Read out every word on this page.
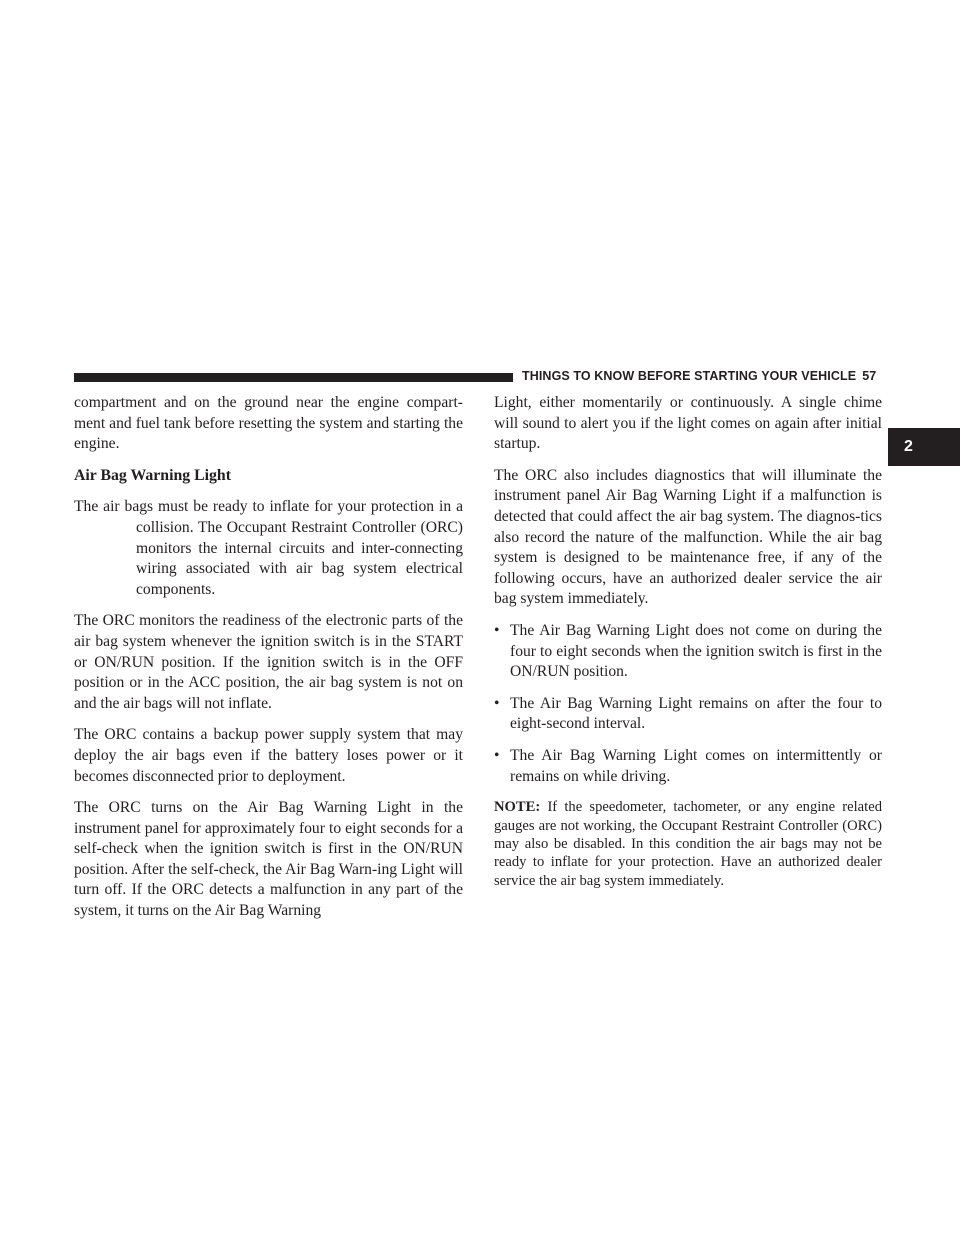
THINGS TO KNOW BEFORE STARTING YOUR VEHICLE 57
2

compartment and on the ground near the engine compart-ment and fuel tank before resetting the system and starting the engine.

Air Bag Warning Light

The air bags must be ready to inflate for your protection in a collision. The Occupant Restraint Controller (ORC) monitors the internal circuits and inter-connecting wiring associated with air bag system electrical components.

The ORC monitors the readiness of the electronic parts of the air bag system whenever the ignition switch is in the START or ON/RUN position. If the ignition switch is in the OFF position or in the ACC position, the air bag system is not on and the air bags will not inflate.

The ORC contains a backup power supply system that may deploy the air bags even if the battery loses power or it becomes disconnected prior to deployment.

The ORC turns on the Air Bag Warning Light in the instrument panel for approximately four to eight seconds for a self-check when the ignition switch is first in the ON/RUN position. After the self-check, the Air Bag Warn-ing Light will turn off. If the ORC detects a malfunction in any part of the system, it turns on the Air Bag Warning

Light, either momentarily or continuously. A single chime will sound to alert you if the light comes on again after initial startup.

The ORC also includes diagnostics that will illuminate the instrument panel Air Bag Warning Light if a malfunction is detected that could affect the air bag system. The diagnos-tics also record the nature of the malfunction. While the air bag system is designed to be maintenance free, if any of the following occurs, have an authorized dealer service the air bag system immediately.

• The Air Bag Warning Light does not come on during the four to eight seconds when the ignition switch is first in the ON/RUN position.
• The Air Bag Warning Light remains on after the four to eight-second interval.
• The Air Bag Warning Light comes on intermittently or remains on while driving.
NOTE: If the speedometer, tachometer, or any engine related gauges are not working, the Occupant Restraint Controller (ORC) may also be disabled. In this condition the air bags may not be ready to inflate for your protection. Have an authorized dealer service the air bag system immediately.
